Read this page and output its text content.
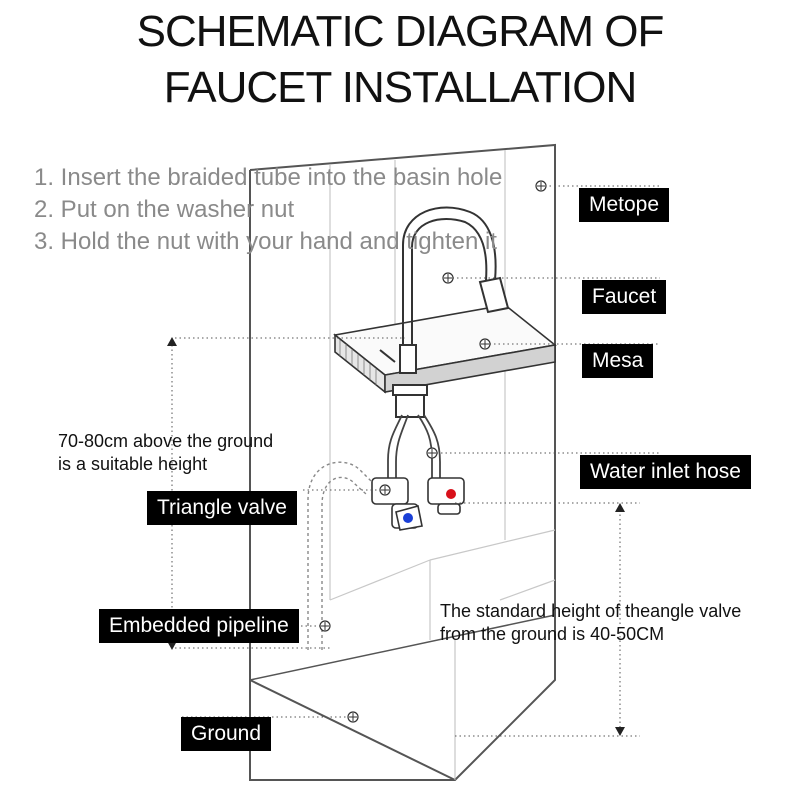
SCHEMATIC DIAGRAM OF
FAUCET INSTALLATION
1. Insert the braided tube into the basin hole
2. Put on the washer nut
3. Hold the nut with your hand and tighten it
Metope
Faucet
Mesa
Water inlet hose
Triangle valve
Embedded pipeline
Ground
70-80cm above the ground
is a suitable height
The standard height of theangle valve
from the ground is 40-50CM
